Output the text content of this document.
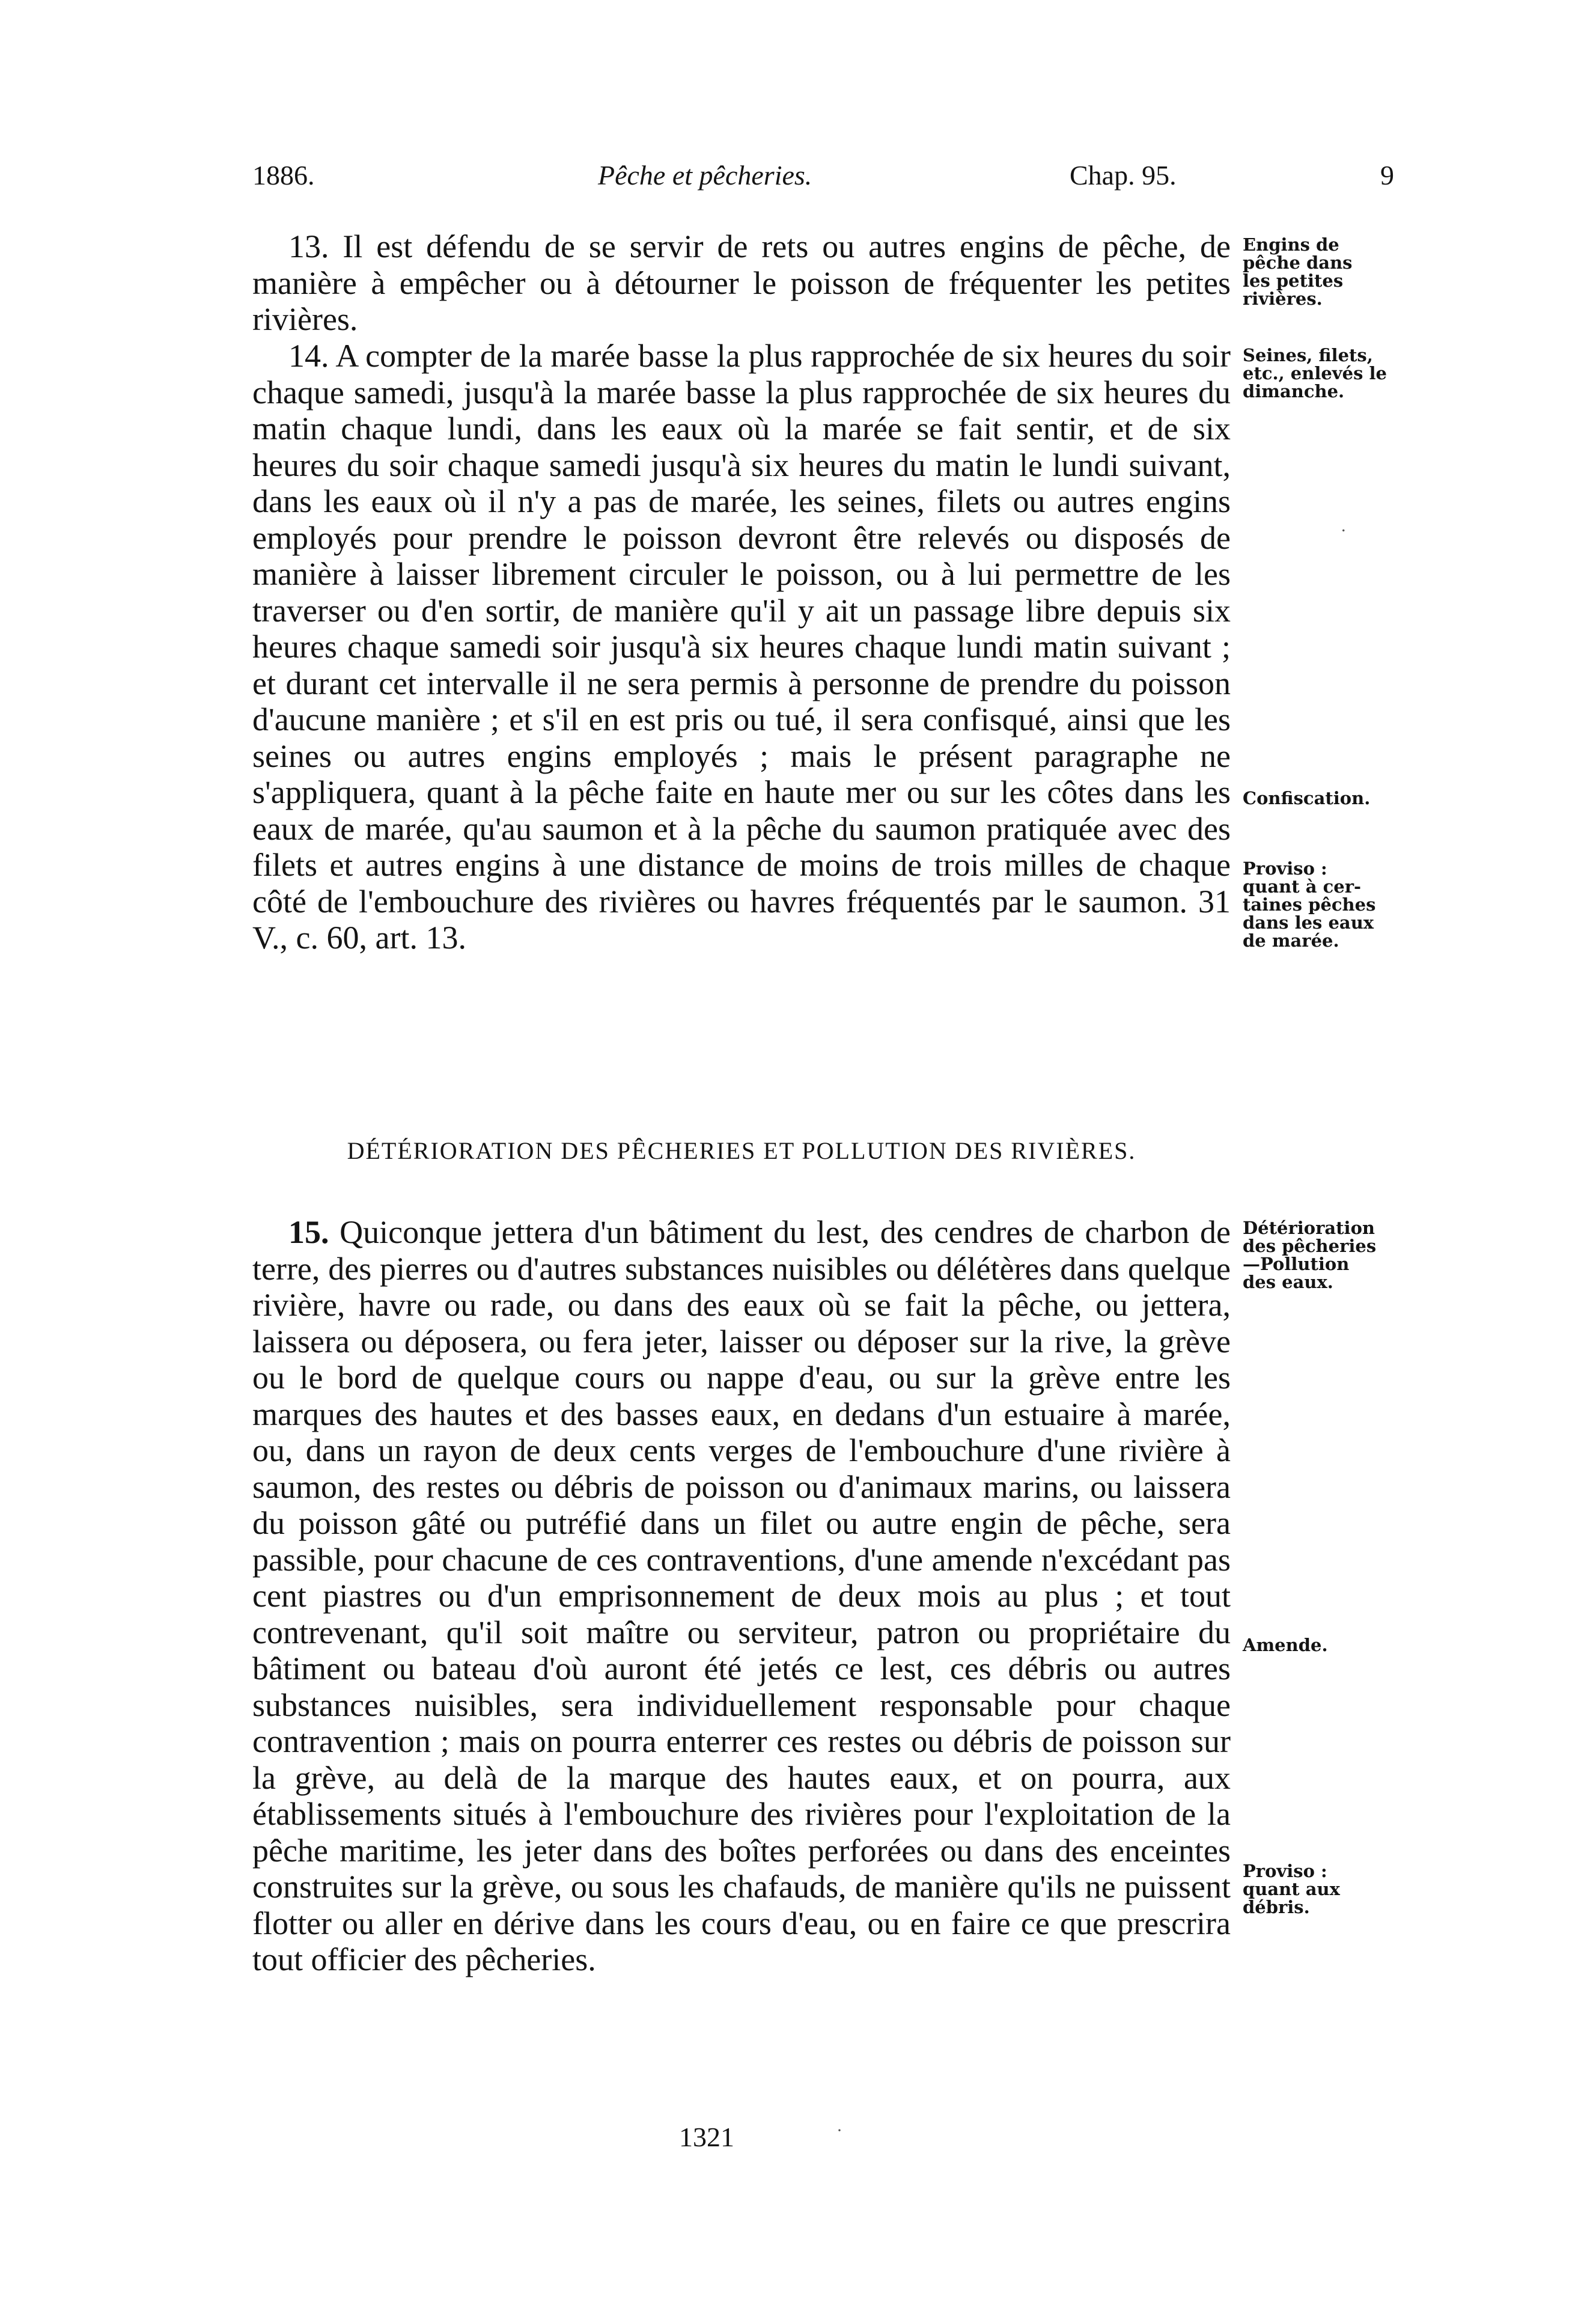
1886.	Pêche et pêcheries.	Chap. 95.	9

13. Il est défendu de se servir de rets ou autres engins de pêche, de manière à empêcher ou à détourner le poisson de fréquenter les petites rivières.

14. A compter de la marée basse la plus rapprochée de six heures du soir chaque samedi, jusqu'à la marée basse la plus rapprochée de six heures du matin chaque lundi, dans les eaux où la marée se fait sentir, et de six heures du soir chaque samedi jusqu'à six heures du matin le lundi suivant, dans les eaux où il n'y a pas de marée, les seines, filets ou autres engins employés pour prendre le poisson devront être relevés ou disposés de manière à laisser librement circuler le poisson, ou à lui permettre de les traverser ou d'en sortir, de manière qu'il y ait un passage libre depuis six heures chaque samedi soir jusqu'à six heures chaque lundi matin suivant ; et durant cet intervalle il ne sera permis à personne de prendre du poisson d'aucune manière ; et s'il en est pris ou tué, il sera confisqué, ainsi que les seines ou autres engins employés ; mais le présent paragraphe ne s'appliquera, quant à la pêche faite en haute mer ou sur les côtes dans les eaux de marée, qu'au saumon et à la pêche du saumon pratiquée avec des filets et autres engins à une distance de moins de trois milles de chaque côté de l'embouchure des rivières ou havres fréquentés par le saumon. 31 V., c. 60, art. 13.

DÉTÉRIORATION DES PÊCHERIES ET POLLUTION DES RIVIÈRES.

15. Quiconque jettera d'un bâtiment du lest, des cendres de charbon de terre, des pierres ou d'autres substances nuisibles ou délétères dans quelque rivière, havre ou rade, ou dans des eaux où se fait la pêche, ou jettera, laissera ou déposera, ou fera jeter, laisser ou déposer sur la rive, la grève ou le bord de quelque cours ou nappe d'eau, ou sur la grève entre les marques des hautes et des basses eaux, en dedans d'un estuaire à marée, ou, dans un rayon de deux cents verges de l'embouchure d'une rivière à saumon, des restes ou débris de poisson ou d'animaux marins, ou laissera du poisson gâté ou putréfié dans un filet ou autre engin de pêche, sera passible, pour chacune de ces contraventions, d'une amende n'excédant pas cent piastres ou d'un emprisonnement de deux mois au plus ; et tout contrevenant, qu'il soit maître ou serviteur, patron ou propriétaire du bâtiment ou bateau d'où auront été jetés ce lest, ces débris ou autres substances nuisibles, sera individuellement responsable pour chaque contravention ; mais on pourra enterrer ces restes ou débris de poisson sur la grève, au delà de la marque des hautes eaux, et on pourra, aux établissements situés à l'embouchure des rivières pour l'exploitation de la pêche maritime, les jeter dans des boîtes perforées ou dans des enceintes construites sur la grève, ou sous les chafauds, de manière qu'ils ne puissent flotter ou aller en dérive dans les cours d'eau, ou en faire ce que prescrira tout officier des pêcheries.

Engins de
pêche dans
les petites
rivières.
Seines, filets,
etc., enlevés le
dimanche.
Confiscation.
Proviso :
quant à cer-
taines pêches
dans les eaux
de marée.
Détérioration
des pêcheries
—Pollution
des eaux.
Amende.
Proviso :
quant aux
débris.
1321
.
·
